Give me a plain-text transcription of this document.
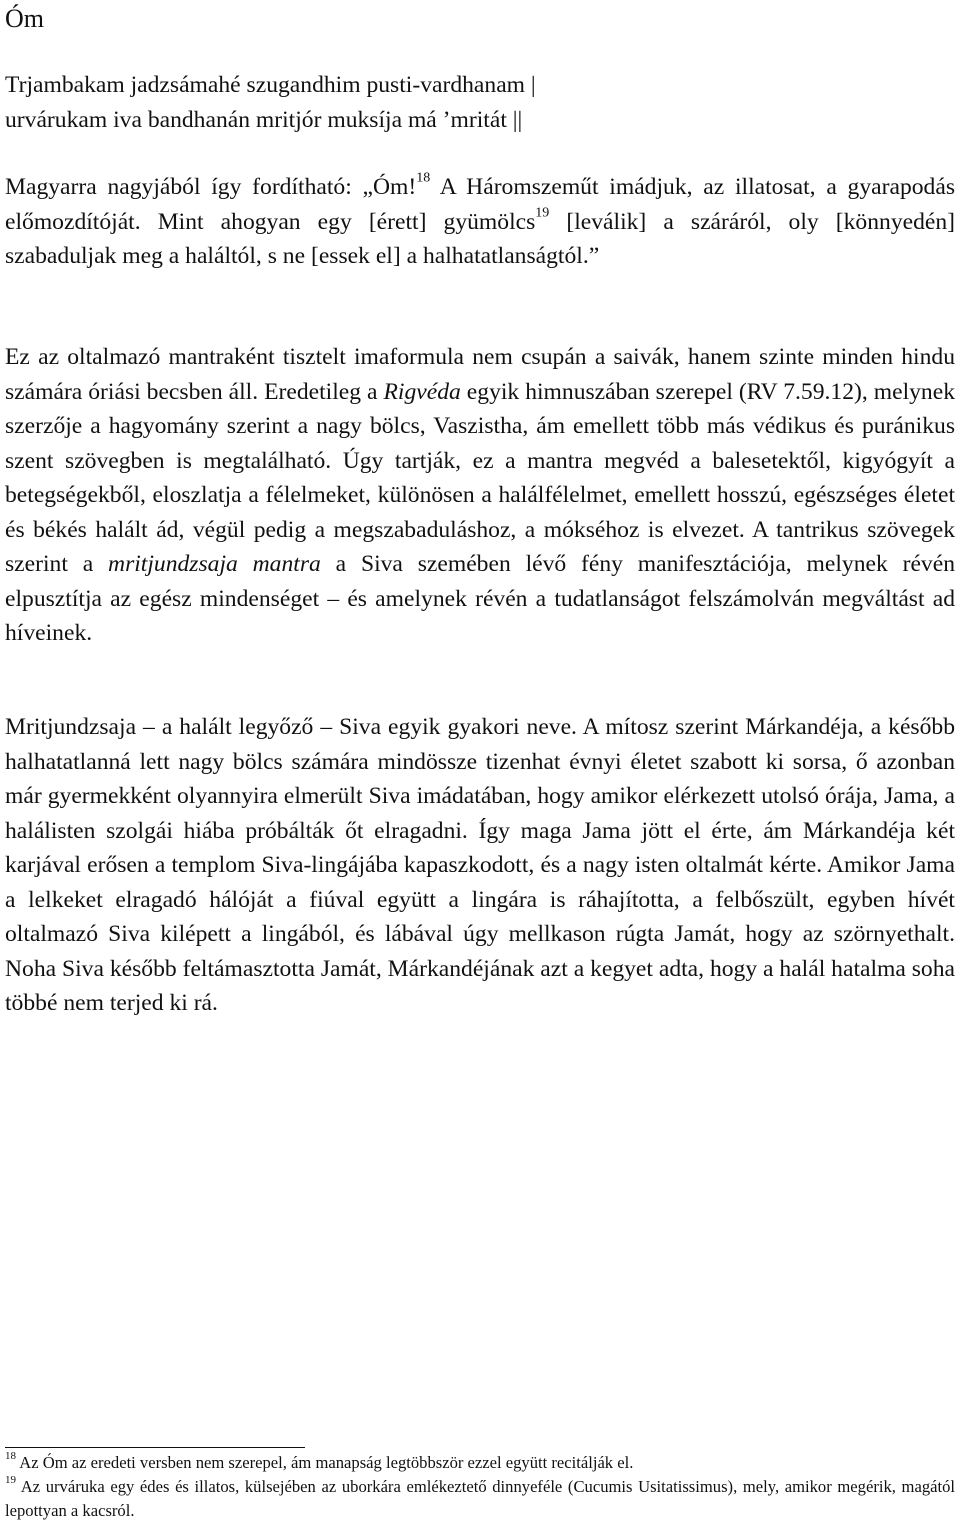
Óm
Trjambakam jadzsámahé szugandhim pusti-vardhanam |
urvárukam iva bandhanán mritjór muksíja má ’mritát ||

Magyarra nagyjából így fordítható: „Óm!$^{18}$ A Háromszeműt imádjuk, az illatosat, a gyarapodás előmozdítóját. Mint ahogyan egy [érett] gyümölcs$^{19}$ [leválik] a száráról, oly [könnyedén] szabaduljak meg a haláltól, s ne [essek el] a halhatatlanságtól.”

Ez az oltalmazó mantraként tisztelt imaformula nem csupán a saivák, hanem szinte minden hindu számára óriási becsben áll. Eredetileg a Rigvéda egyik himnuszában szerepel (RV 7.59.12), melynek szerzője a hagyomány szerint a nagy bölcs, Vaszistha, ám emellett több más védikus és puránikus szent szövegben is megtalálható. Úgy tartják, ez a mantra megvéd a balesetektől, kigyógyít a betegségekből, eloszlatja a félelmeket, különösen a halálfélelmet, emellett hosszú, egészséges életet és békés halált ád, végül pedig a megszabaduláshoz, a mókséhoz is elvezet. A tantrikus szövegek szerint a mritjundzsaja mantra a Siva szemében lévő fény manifesztációja, melynek révén elpusztítja az egész mindenséget – és amelynek révén a tudatlanságot felszámolván megváltást ad híveinek.

Mritjundzsaja – a halált legyőző – Siva egyik gyakori neve. A mítosz szerint Márkandéja, a később halhatatlanná lett nagy bölcs számára mindössze tizenhat évnyi életet szabott ki sorsa, ő azonban már gyermekként olyannyira elmerült Siva imádatában, hogy amikor elérkezett utolsó órája, Jama, a halálisten szolgái hiába próbálták őt elragadni. Így maga Jama jött el érte, ám Márkandéja két karjával erősen a templom Siva-lingájába kapaszkodott, és a nagy isten oltalmát kérte. Amikor Jama a lelkeket elragadó hálóját a fiúval együtt a lingára is ráhajította, a felbőszült, egyben hívét oltalmazó Siva kilépett a lingából, és lábával úgy mellkason rúgta Jamát, hogy az szörnyethalt. Noha Siva később feltámasztotta Jamát, Márkandéjának azt a kegyet adta, hogy a halál hatalma soha többé nem terjed ki rá.

$^{18}$ Az Óm az eredeti versben nem szerepel, ám manapság legtöbbször ezzel együtt recitálják el.
$^{19}$ Az urváruka egy édes és illatos, külsejében az uborkára emlékeztető dinnyeféle (Cucumis Usitatissimus), mely, amikor megérik, magától lepottyan a kacsról.
